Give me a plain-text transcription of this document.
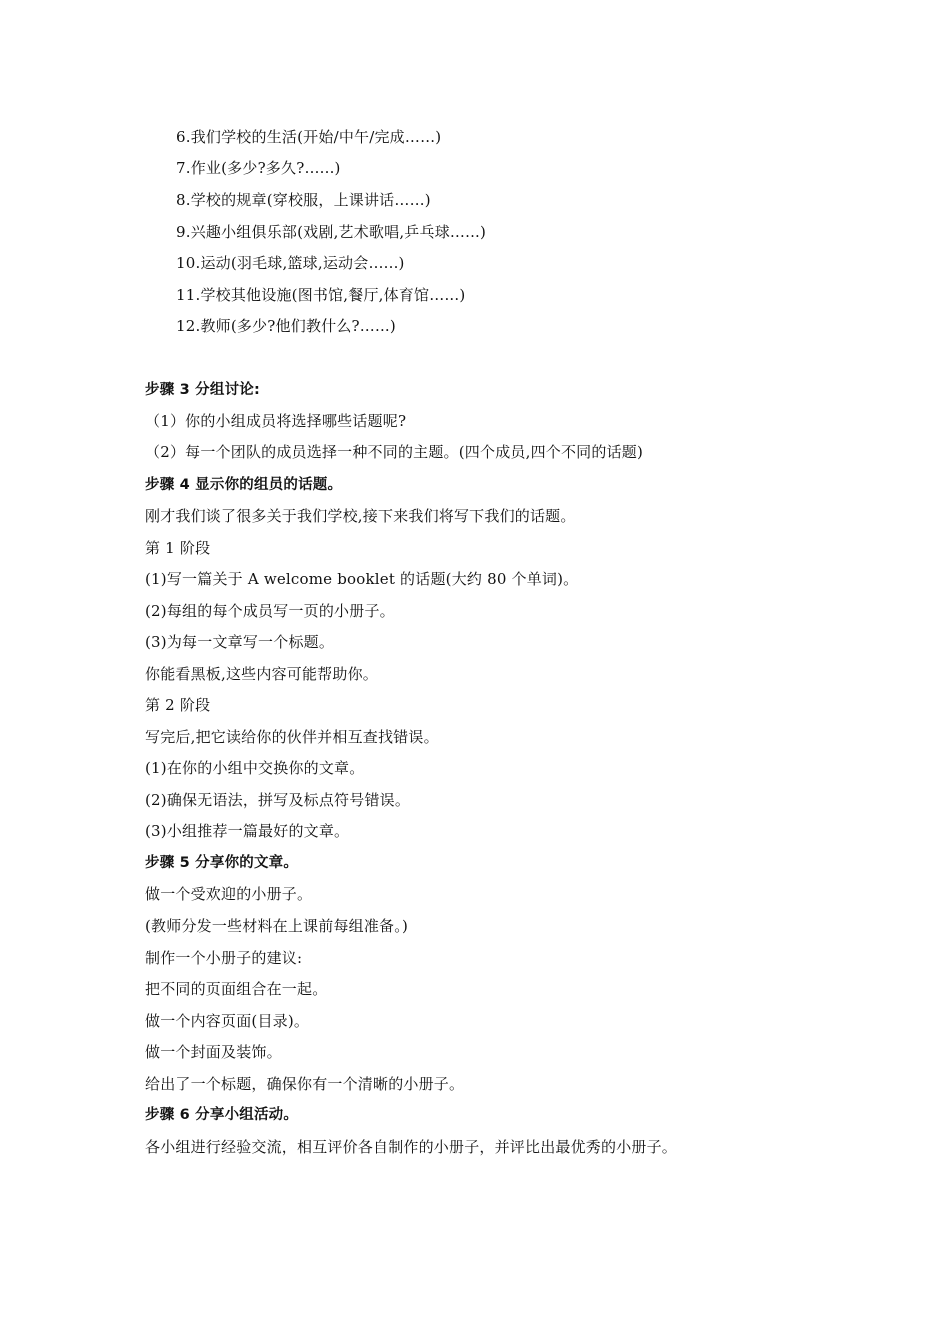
6.我们学校的生活(开始/中午/完成……)
7.作业(多少?多久?…...)
8.学校的规章(穿校服，上课讲话……)
9.兴趣小组俱乐部(戏剧,艺术歌唱,乒乓球…...)
10.运动(羽毛球,篮球,运动会…...)
11.学校其他设施(图书馆,餐厅,体育馆…...)
12.教师(多少?他们教什么?…...)
步骤 3 分组讨论:
（1）你的小组成员将选择哪些话题呢?
（2）每一个团队的成员选择一种不同的主题。(四个成员,四个不同的话题)
步骤 4 显示你的组员的话题。
刚才我们谈了很多关于我们学校,接下来我们将写下我们的话题。
第 1 阶段
(1)写一篇关于 A welcome booklet 的话题(大约 80 个单词)。
(2)每组的每个成员写一页的小册子。
(3)为每一文章写一个标题。
你能看黑板,这些内容可能帮助你。
第 2 阶段
写完后,把它读给你的伙伴并相互查找错误。
(1)在你的小组中交换你的文章。
(2)确保无语法，拼写及标点符号错误。
(3)小组推荐一篇最好的文章。
步骤 5 分享你的文章。
做一个受欢迎的小册子。
(教师分发一些材料在上课前每组准备。)
制作一个小册子的建议:
把不同的页面组合在一起。
做一个内容页面(目录)。
做一个封面及装饰。
给出了一个标题，确保你有一个清晰的小册子。
步骤 6 分享小组活动。
各小组进行经验交流，相互评价各自制作的小册子，并评比出最优秀的小册子。
